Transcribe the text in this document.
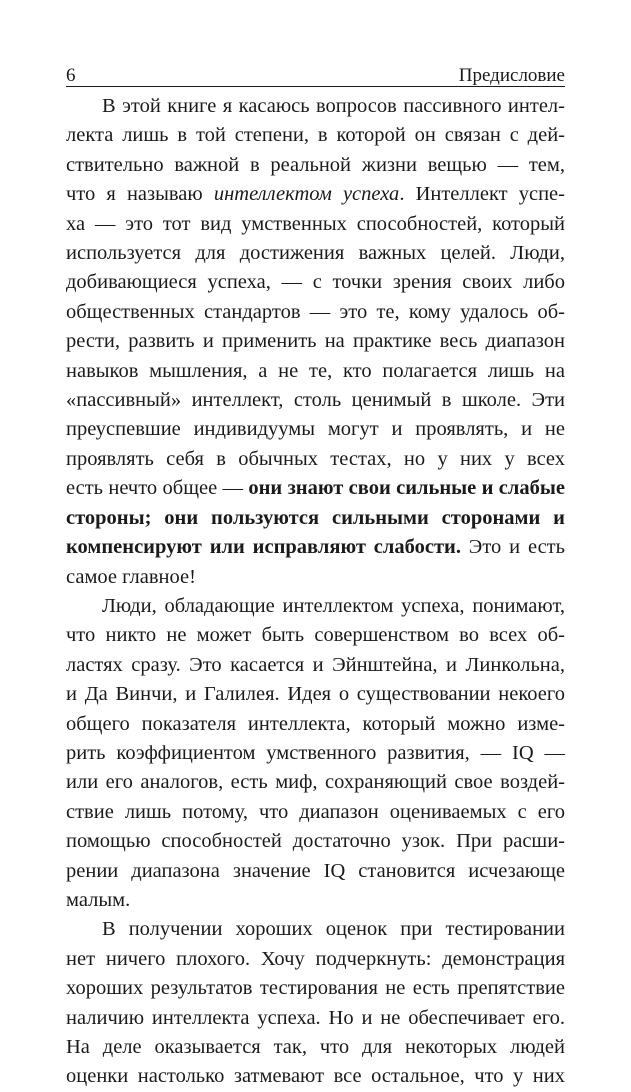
6	Предисловие
В этой книге я касаюсь вопросов пассивного интел-
лекта лишь в той степени, в которой он связан с дей-
ствительно важной в реальной жизни вещью — тем,
что я называю интеллектом успеха. Интеллект успе-
ха — это тот вид умственных способностей, который
используется для достижения важных целей. Люди,
добивающиеся успеха, — с точки зрения своих либо
общественных стандартов — это те, кому удалось об-
рести, развить и применить на практике весь диапазон
навыков мышления, а не те, кто полагается лишь на
«пассивный» интеллект, столь ценимый в школе. Эти
преуспевшие индивидуумы могут и проявлять, и не
проявлять себя в обычных тестах, но у них у всех
есть нечто общее — они знают свои сильные и слабые
стороны; они пользуются сильными сторонами и
компенсируют или исправляют слабости. Это и есть
самое главное!
Люди, обладающие интеллектом успеха, понимают,
что никто не может быть совершенством во всех об-
ластях сразу. Это касается и Эйнштейна, и Линкольна,
и Да Винчи, и Галилея. Идея о существовании некоего
общего показателя интеллекта, который можно изме-
рить коэффициентом умственного развития, — IQ —
или его аналогов, есть миф, сохраняющий свое воздей-
ствие лишь потому, что диапазон оцениваемых с его
помощью способностей достаточно узок. При расши-
рении диапазона значение IQ становится исчезающе
малым.
В получении хороших оценок при тестировании
нет ничего плохого. Хочу подчеркнуть: демонстрация
хороших результатов тестирования не есть препятствие
наличию интеллекта успеха. Но и не обеспечивает его.
На деле оказывается так, что для некоторых людей
оценки настолько затмевают все остальное, что у них
